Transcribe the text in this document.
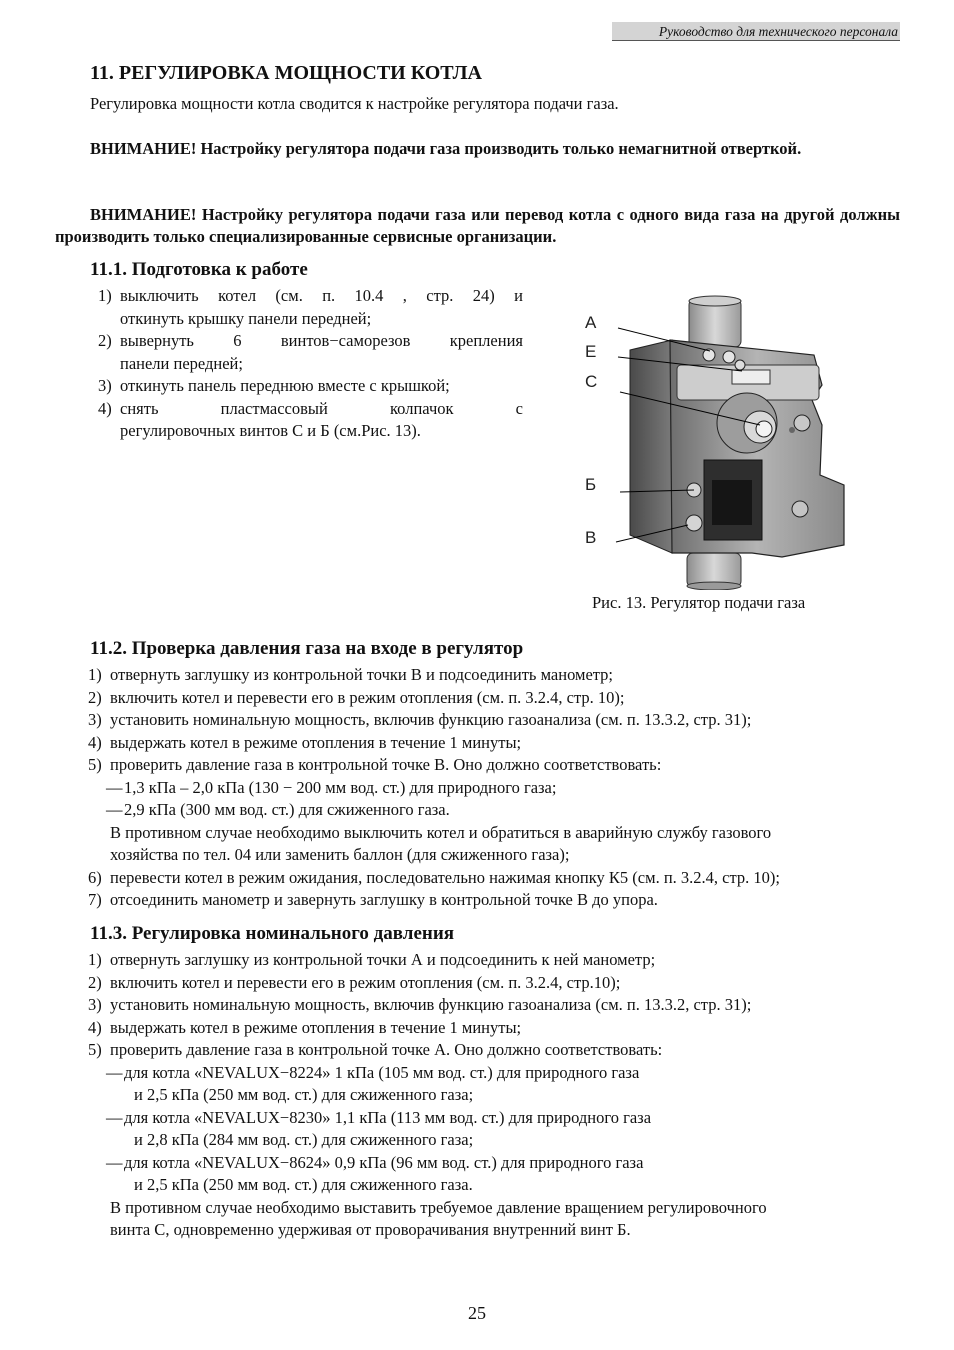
Руководство для технического персонала
11. РЕГУЛИРОВКА МОЩНОСТИ КОТЛА
Регулировка мощности котла сводится к настройке регулятора подачи газа.
ВНИМАНИЕ! Настройку регулятора подачи газа производить только немагнитной отверткой.
ВНИМАНИЕ! Настройку регулятора подачи газа или перевод котла с одного вида газа на другой должны производить только специализированные сервисные организации.
11.1. Подготовка к работе
1) выключить котел (см. п. 10.4 , стр. 24) и
откинуть крышку панели передней;
2) вывернуть 6 винтов−саморезов крепления
панели передней;
3) откинуть панель переднюю вместе с крышкой;
4) снять пластмассовый колпачок с
регулировочных винтов С и Б (см.Рис. 13).
А
Е
С
Б
В
Рис. 13. Регулятор подачи газа
11.2. Проверка давления газа на входе в регулятор
1) отвернуть заглушку из контрольной точки В и подсоединить манометр;
2) включить котел и перевести его в режим отопления (см. п. 3.2.4, стр. 10);
3) установить номинальную мощность, включив функцию газоанализа (см. п. 13.3.2, стр. 31);
4) выдержать котел в режиме отопления в течение 1 минуты;
5) проверить давление газа в контрольной точке В. Оно должно соответствовать:
— 1,3 кПа – 2,0 кПа (130 − 200 мм вод. ст.) для природного газа;
— 2,9 кПа (300 мм вод. ст.) для сжиженного газа.
В противном случае необходимо выключить котел и обратиться в аварийную службу газового
хозяйства по тел. 04 или заменить баллон (для сжиженного газа);
6) перевести котел в режим ожидания, последовательно нажимая кнопку К5 (см. п. 3.2.4, стр. 10);
7) отсоединить манометр и завернуть заглушку в контрольной точке В до упора.
11.3. Регулировка номинального давления
1) отвернуть заглушку из контрольной точки А и подсоединить к ней манометр;
2) включить котел и перевести его в режим отопления (см. п. 3.2.4, стр.10);
3) установить номинальную мощность, включив функцию газоанализа (см. п. 13.3.2, стр. 31);
4) выдержать котел в режиме отопления в течение 1 минуты;
5) проверить давление газа в контрольной точке А. Оно должно соответствовать:
— для котла «NEVALUX−8224» 1 кПа (105 мм вод. ст.) для природного газа
и 2,5 кПа (250 мм вод. ст.) для сжиженного газа;
— для котла «NEVALUX−8230» 1,1 кПа (113 мм вод. ст.) для природного газа
и 2,8 кПа (284 мм вод. ст.) для сжиженного газа;
— для котла «NEVALUX−8624» 0,9 кПа (96 мм вод. ст.) для природного газа
и 2,5 кПа (250 мм вод. ст.) для сжиженного газа.
В противном случае необходимо выставить требуемое давление вращением регулировочного
винта С, одновременно удерживая от проворачивания внутренний винт Б.
25
